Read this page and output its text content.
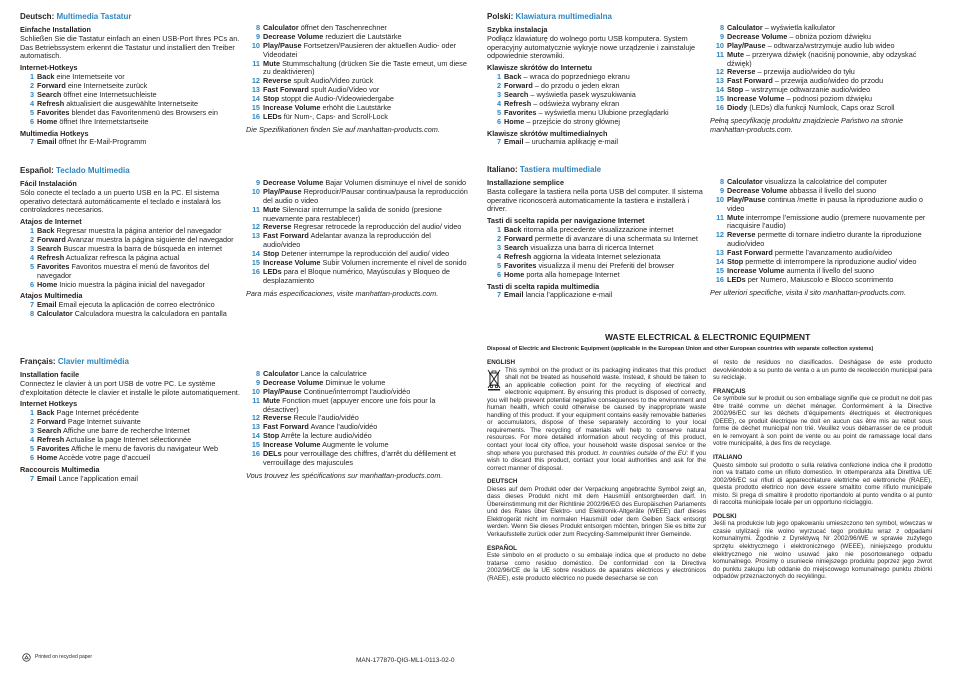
Deutsch: Multimedia Tastatur
Einfache Installation

Schließen Sie die Tastatur einfach an einen USB-Port Ihres PCs an. Das Betriebssystem erkennt die Tastatur und installiert den Treiber automatisch.

Internet-Hotkeys
1 Back eine Internetseite vor
2 Forward eine Internetseite zurück
3 Search öffnet eine Internetsuchleiste
4 Refresh aktualisiert die ausgewählte Internetseite
5 Favorites blendet das Favoritenmenü des Browsers ein
6 Home öffnet Ihre Internetstartseite
Multimedia Hotkeys
7 Email öffnet Ihr E-Mail-Programm
8 Calculator öffnet den Taschenrechner
9 Decrease Volume reduziert die Lautstärke
10 Play/Pause Fortsetzen/Pausieren der aktuellen Audio- oder Videodatei
11 Mute Stummschaltung (drücken Sie die Taste erneut, um diese zu deaktivieren)
12 Reverse spult Audio/Video zurück
13 Fast Forward spult Audio/Video vor
14 Stop stoppt die Audio-/Videowiedergabe
15 Increase Volume erhöht die Lautstärke
16 LEDs für Num-, Caps- and Scroll-Lock

Die Spezifikationen finden Sie auf manhattan-products.com.

Español: Teclado Multimedia
Fácil Instalación

Sólo conecte el teclado a un puerto USB en la PC. El sistema operativo detectará automáticamente el teclado e instalará los controladores necesarios.

Atajos de Internet
1 Back Regresar muestra la página anterior del navegador
2 Forward Avanzar muestra la página siguiente del navegador
3 Search Buscar muestra la barra de búsqueda en internet
4 Refresh Actualizar refresca la página actual
5 Favorites Favoritos muestra el menú de favoritos del navegador
6 Home Inicio muestra la página inicial del navegador
Atajos Multimedia
7 Email Email ejecuta la aplicación de correo electrónico
8 Calculator Calculadora muestra la calculadora en pantalla
9 Decrease Volume Bajar Volumen disminuye el nivel de sonido
10 Play/Pause Reproducir/Pausar continua/pausa la reproducción del audio o video
11 Mute Silenciar interrumpe la salida de sonido (presione nuevamente para restablecer)
12 Reverse Regresar retrocede la reproducción del audio/ video
13 Fast Forward Adelantar avanza la reproducción del audio/video
14 Stop Detener interrumpe la reproducción del audio/ video
15 Increase Volume Subir Volumen incremente el nivel de sonido
16 LEDs para el Bloque numérico, Mayúsculas y Bloqueo de desplazamiento

Para más especificaciones, visite manhattan-products.com.

Français: Clavier multimédia
Installation facile

Connectez le clavier à un port USB de votre PC. Le système d’exploitation détecte le clavier et installe le pilote automatiquement.

Internet Hotkeys
1 Back Page Internet précédente
2 Forward Page Internet suivante
3 Search Affiche une barre de recherche Internet
4 Refresh Actualise la page Internet sélectionnée
5 Favorites Affiche le menu de favoris du navigateur Web
6 Home Accède votre page d’accueil
Raccourcis Multimedia
7 Email Lance l’application email
8 Calculator Lance la calculatrice
9 Decrease Volume Diminue le volume
10 Play/Pause Continue/interrompt l’audio/vidéo
11 Mute Fonction muet (appuyer encore une fois pour la désactiver)
12 Reverse Recule l’audio/vidéo
13 Fast Forward Avance l’audio/vidéo
14 Stop Arrête la lecture audio/vidéo
15 Increase Volume Augmente le volume
16 DELs pour verrouillage des chiffres, d’arrêt du défilement et verrouillage des majuscules

Vous trouvez les spécifications sur manhattan-products.com.

Polski: Klawiatura multimedialna
Szybka instalacja

Podłącz klawiaturę do wolnego portu USB komputera. System operacyjny automatycznie wykryje nowe urządzenie i zainstaluje odpowiednie sterowniki.

Klawisze skrótów do Internetu
1 Back – wraca do poprzedniego ekranu
2 Forward – do przodu o jeden ekran
3 Search – wyświetla pasek wyszukiwania
4 Refresh – odświeża wybrany ekran
5 Favorites – wyświetla menu Ulubione przeglądarki
6 Home – przejście do strony głównej
Klawisze skrótów multimedialnych
7 Email – uruchamia aplikację e-mail
8 Calculator – wyświetla kalkulator
9 Decrease Volume – obniża poziom dźwięku
10 Play/Pause – odtwarza/wstrzymuje audio lub wideo
11 Mute – przerywa dźwięk (naciśnij ponownie, aby odzyskać dźwięk)
12 Reverse – przewija audio/wideo do tyłu
13 Fast Forward – przewija audio/wideo do przodu
14 Stop – wstrzymuje odtwarzanie audio/wideo
15 Increase Volume – podnosi poziom dźwięku
16 Diody (LEDs) dla funkcji Numlock, Caps oraz Scroll

Pełną specyfikację produktu znajdziecie Państwo na stronie manhattan-products.com.

Italiano: Tastiera multimediale
Installazione semplice

Basta collegare la tastiera nella porta USB del computer. Il sistema operative riconoscerà automaticamente la tastiera e installerà i driver.

Tasti di scelta rapida per navigazione Internet
1 Back ritorna alla precedente visualizzazione internet
2 Forward permette di avanzare di una schermata su Internet
3 Search visualizza una barra di ricerca Internet
4 Refresh aggiorna la videata Internet selezionata
5 Favorites visualizza il menu dei Preferiti del browser
6 Home porta alla homepage Internet
Tasti di scelta rapida multimedia
7 Email lancia l’applicazione e-mail
8 Calculator visualizza la calcolatrice del computer
9 Decrease Volume abbassa il livello del suono
10 Play/Pause continua /mette in pausa la riproduzione audio o video
11 Mute interrompe l’emissione audio (premere nuovamente per riacquisire l’audio)
12 Reverse permette di tornare indietro durante la riproduzione audio/video
13 Fast Forward permette l’avanzamento audio/video
14 Stop permette di interrompere la riproduzione audio/ video
15 Increase Volume aumenta il livello del suono
16 LEDs per Numero, Maiuscolo e Blocco scorrimento

Per ulteriori specifiche, visita il sito manhattan-products.com.

WASTE ELECTRICAL & ELECTRONIC EQUIPMENT
Disposal of Electric and Electronic Equipment (applicable in the European Union and other European countries with separate collection systems)
ENGLISH

This symbol on the product or its packaging indicates that this product shall not be treated as household waste. Instead, it should be taken to an applicable collection point for the recycling of electrical and electronic equipment. By ensuring this product is disposed of correctly, you will help prevent potential negative consequences to the environment and human health, which could otherwise be caused by inappropriate waste handling of this product. If your equipment contains easily removable batteries or accumulators, dispose of these separately according to your local requirements. The recycling of materials will help to conserve natural resources. For more detailed information about recycling of this product, contact your local city office, your household waste disposal service or the shop where you purchased this product. In countries outside of the EU: If you wish to discard this product, contact your local authorities and ask for the correct manner of disposal.

DEUTSCH

Dieses auf dem Produkt oder der Verpackung angebrachte Symbol zeigt an, dass dieses Produkt nicht mit dem Hausmüll entsorgtwerden darf. In Übereinstimmung mit der Richtlinie 2002/96/EG des Europäischen Parlaments und des Rates über Elektro- und Elektronik-Altgeräte (WEEE) darf dieses Elektrogerät nicht im normalen Hausmüll oder dem Gelben Sack entsorgt werden. Wenn Sie dieses Produkt entsorgen möchten, bringen Sie es bitte zur Verkaufsstelle zurück oder zum Recycling-Sammelpunkt Ihrer Gemeinde.

ESPAÑOL

Este símbolo en el producto o su embalaje indica que el producto no debe tratarse como residuo doméstico. De conformidad con la Directiva 2002/96/CE de la UE sobre residuos de aparatos eléctricos y electrónicos (RAEE), este producto eléctrico no puede desecharse se con

el resto de residuos no clasificados. Deshágase de este producto devolviéndolo a su punto de venta o a un punto de recolección municipal para su reciclaje.

FRANÇAIS

Ce symbole sur le produit ou son emballage signifie que ce produit ne doit pas être traité comme un déchet ménager. Conformément à la Directive 2002/96/EC sur les déchets d’équipements électriques et électroniques (DEEE), ce produit électrique ne doit en aucun cas être mis au rebut sous forme de déchet municipal non trié. Veuillez vous débarrasser de ce produit en le renvoyant à son point de vente ou au point de ramassage local dans votre municipalité, à des fins de recyclage.

ITALIANO

Questo simbolo sul prodotto o sulla relativa confezione indica che il prodotto non va trattato come un rifiuto domestico. In ottemperanza alla Direttiva UE 2002/96/EC sui rifiuti di apparecchiature elettriche ed elettroniche (RAEE), questa prodotto elettrico non deve essere smaltito come rifiuto municipale misto. Si prega di smaltire il prodotto riportandolo al punto vendita o al punto di raccolta municipale locale per un opportuno riciclaggio.

POLSKI

Jeśli na produkcie lub jego opakowaniu umieszczono ten symbol, wówczas w czasie utylizacji nie wolno wyrzucać tego produktu wraz z odpadami komunalnymi. Zgodnie z Dyrektywą Nr 2002/96/WE w sprawie zużytego sprzętu elektrycznego i elektronicznego (WEEE), niniejszego produktu elektrycznego nie wolno usuwać jako nie posortowanego odpadu komunalnego. Prosimy o usuniecie niniejszego produktu poprzez jego zwrot do punktu zakupu lub oddanie do miejscowego komunalnego punktu zbiórki odpadów przeznaczonych do recyklingu.

Printed on recycled paper	MAN-177870-QIG-ML1-0113-02-0
